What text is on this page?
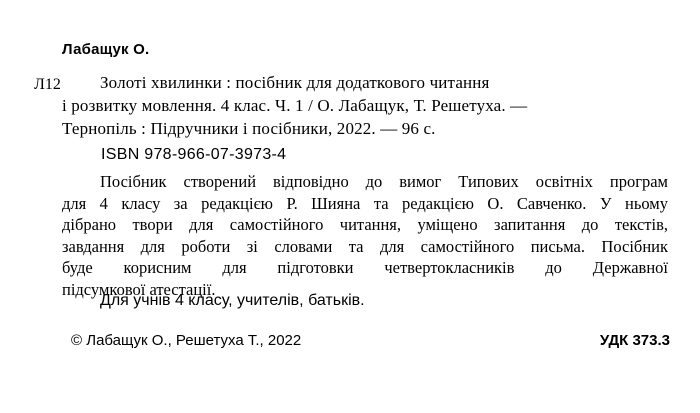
Лабащук О.
Л12	Золоті хвилинки : посібник для додаткового читання
і розвитку мовлення. 4 клас. Ч. 1 / О. Лабащук, Т. Решетуха. —
Тернопіль : Підручники і посібники, 2022. — 96 с.
ISBN 978-966-07-3973-4
Посібник створений відповідно до вимог Типових освітніх програм
для 4 класу за редакцією Р. Шияна та редакцією О. Савченко. У ньому
дібрано твори для самостійного читання, уміщено запитання до текстів,
завдання для роботи зі словами та для самостійного письма. Посібник
буде корисним для підготовки четвертокласників до Державної
підсумкової атестації.
Для учнів 4 класу, учителів, батьків.
© Лабащук О., Решетуха Т., 2022	УДК 373.3
